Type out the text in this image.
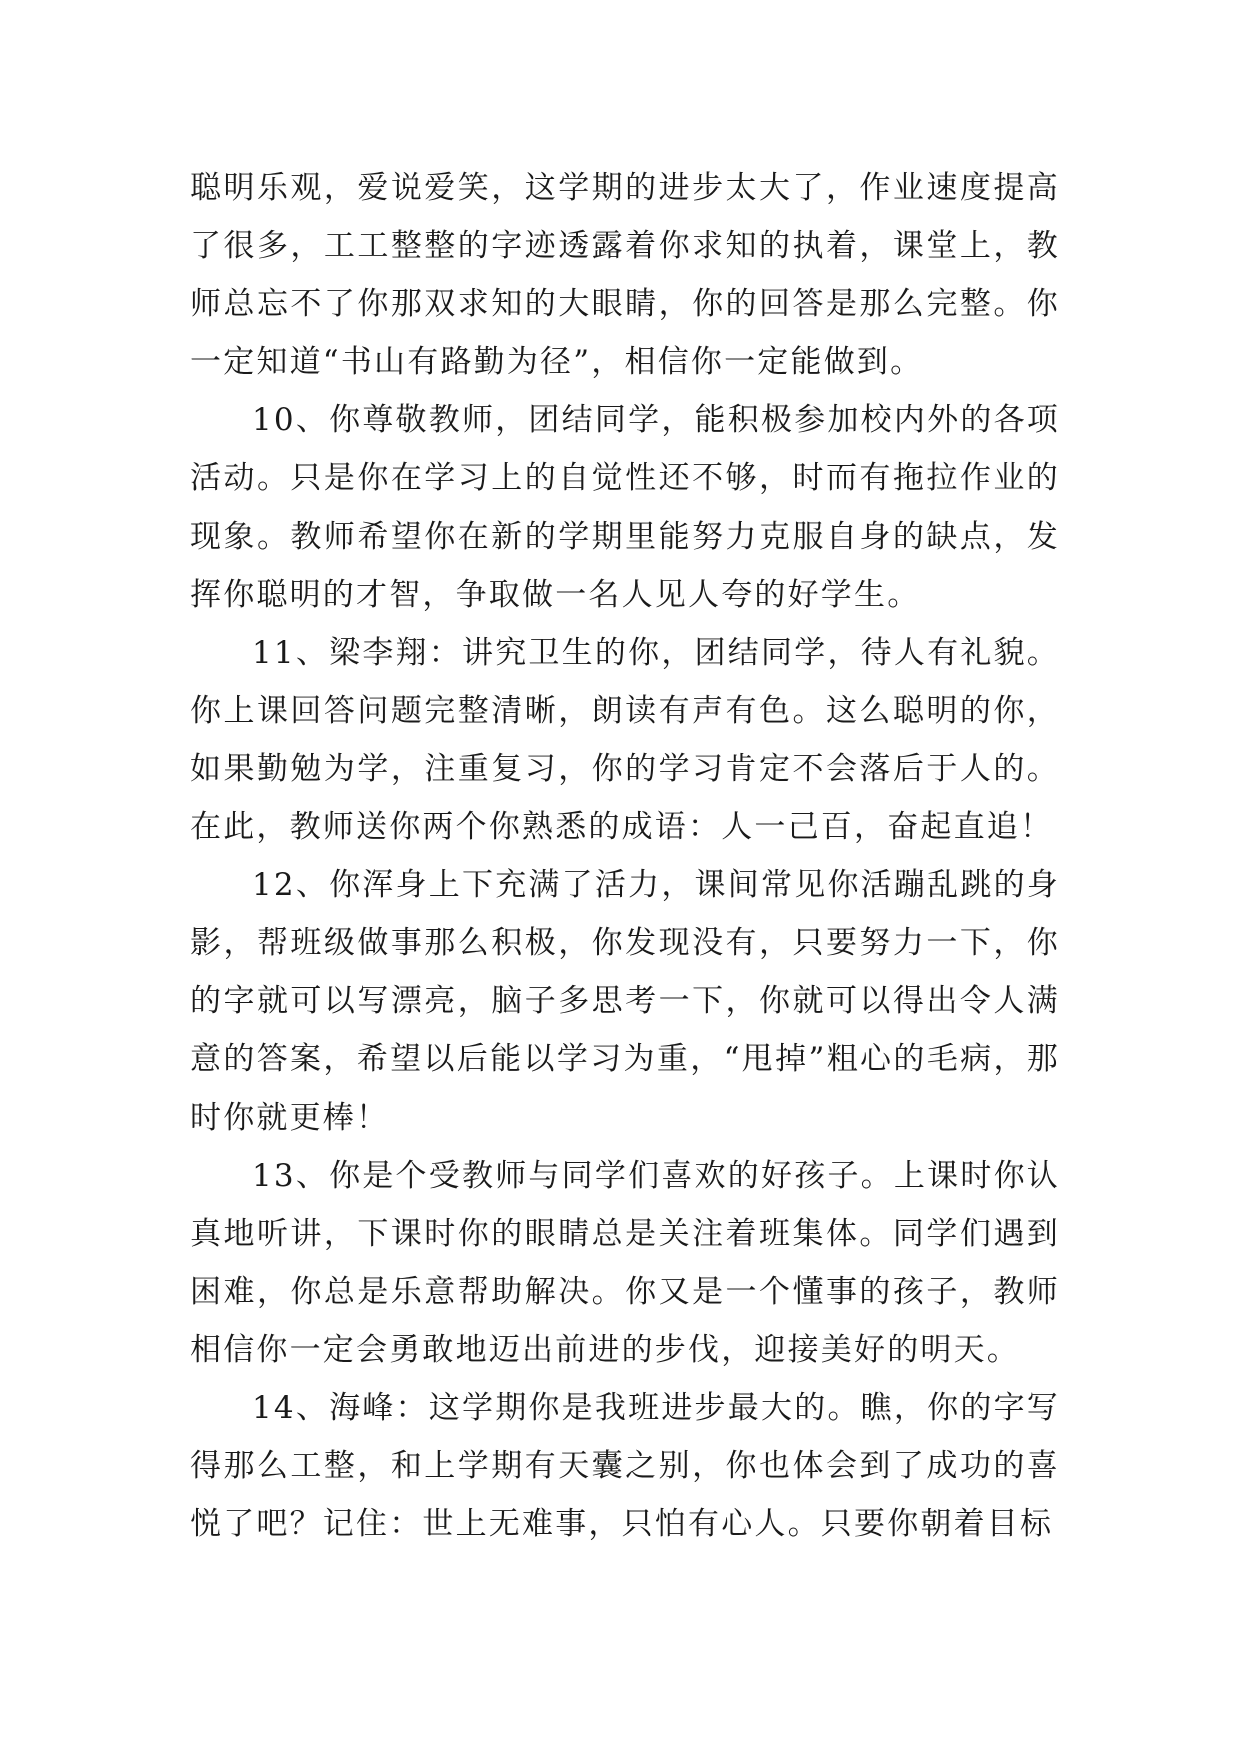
聪明乐观，爱说爱笑，这学期的进步太大了，作业速度提高了很多，工工整整的字迹透露着你求知的执着，课堂上，教师总忘不了你那双求知的大眼睛，你的回答是那么完整。你一定知道“书山有路勤为径”，相信你一定能做到。

10、你尊敬教师，团结同学，能积极参加校内外的各项活动。只是你在学习上的自觉性还不够，时而有拖拉作业的现象。教师希望你在新的学期里能努力克服自身的缺点，发挥你聪明的才智，争取做一名人见人夸的好学生。

11、梁李翔：讲究卫生的你，团结同学，待人有礼貌。你上课回答问题完整清晰，朗读有声有色。这么聪明的你，如果勤勉为学，注重复习，你的学习肯定不会落后于人的。在此，教师送你两个你熟悉的成语：人一己百，奋起直追！

12、你浑身上下充满了活力，课间常见你活蹦乱跳的身影，帮班级做事那么积极，你发现没有，只要努力一下，你的字就可以写漂亮，脑子多思考一下，你就可以得出令人满意的答案，希望以后能以学习为重，“甩掉”粗心的毛病，那时你就更棒！

13、你是个受教师与同学们喜欢的好孩子。上课时你认真地听讲，下课时你的眼睛总是关注着班集体。同学们遇到困难，你总是乐意帮助解决。你又是一个懂事的孩子，教师相信你一定会勇敢地迈出前进的步伐，迎接美好的明天。

14、海峰：这学期你是我班进步最大的。瞧，你的字写得那么工整，和上学期有天囊之别，你也体会到了成功的喜悦了吧？记住：世上无难事，只怕有心人。只要你朝着目标
